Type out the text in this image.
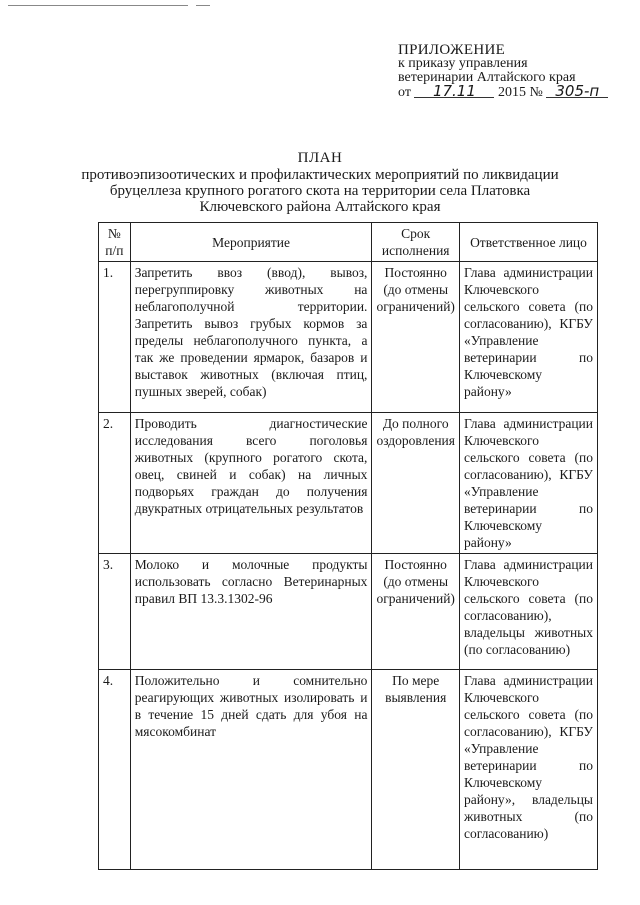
ПРИЛОЖЕНИЕ
к приказу управления
ветеринарии Алтайского края
от 17.11 2015 № 305-п
ПЛАН
противоэпизоотических и профилактических мероприятий по ликвидации
бруцеллеза крупного рогатого скота на территории села Платовка
Ключевского района Алтайского края
№ п/п	Мероприятие	Срок исполнения	Ответственное лицо
1.	Запретить ввоз (ввод), вывоз, перегруппировку животных на неблагополучной территории. Запретить вывоз грубых кормов за пределы неблагополучного пункта, а так же проведении ярмарок, базаров и выставок животных (включая птиц, пушных зверей, собак)	Постоянно (до отмены ограничений)	Глава администрации Ключевского сельского совета (по согласованию), КГБУ «Управление ветеринарии по Ключевскому району»
2.	Проводить диагностические исследования всего поголовья животных (крупного рогатого скота, овец, свиней и собак) на личных подворьях граждан до получения двукратных отрицательных результатов	До полного оздоровления	Глава администрации Ключевского сельского совета (по согласованию), КГБУ «Управление ветеринарии по Ключевскому району»
3.	Молоко и молочные продукты использовать согласно Ветеринарных правил ВП 13.3.1302-96	Постоянно (до отмены ограничений)	Глава администрации Ключевского сельского совета (по согласованию), владельцы животных (по согласованию)
4.	Положительно и сомнительно реагирующих животных изолировать и в течение 15 дней сдать для убоя на мясокомбинат	По мере выявления	Глава администрации Ключевского сельского совета (по согласованию), КГБУ «Управление ветеринарии по Ключевскому району», владельцы животных (по согласованию)
